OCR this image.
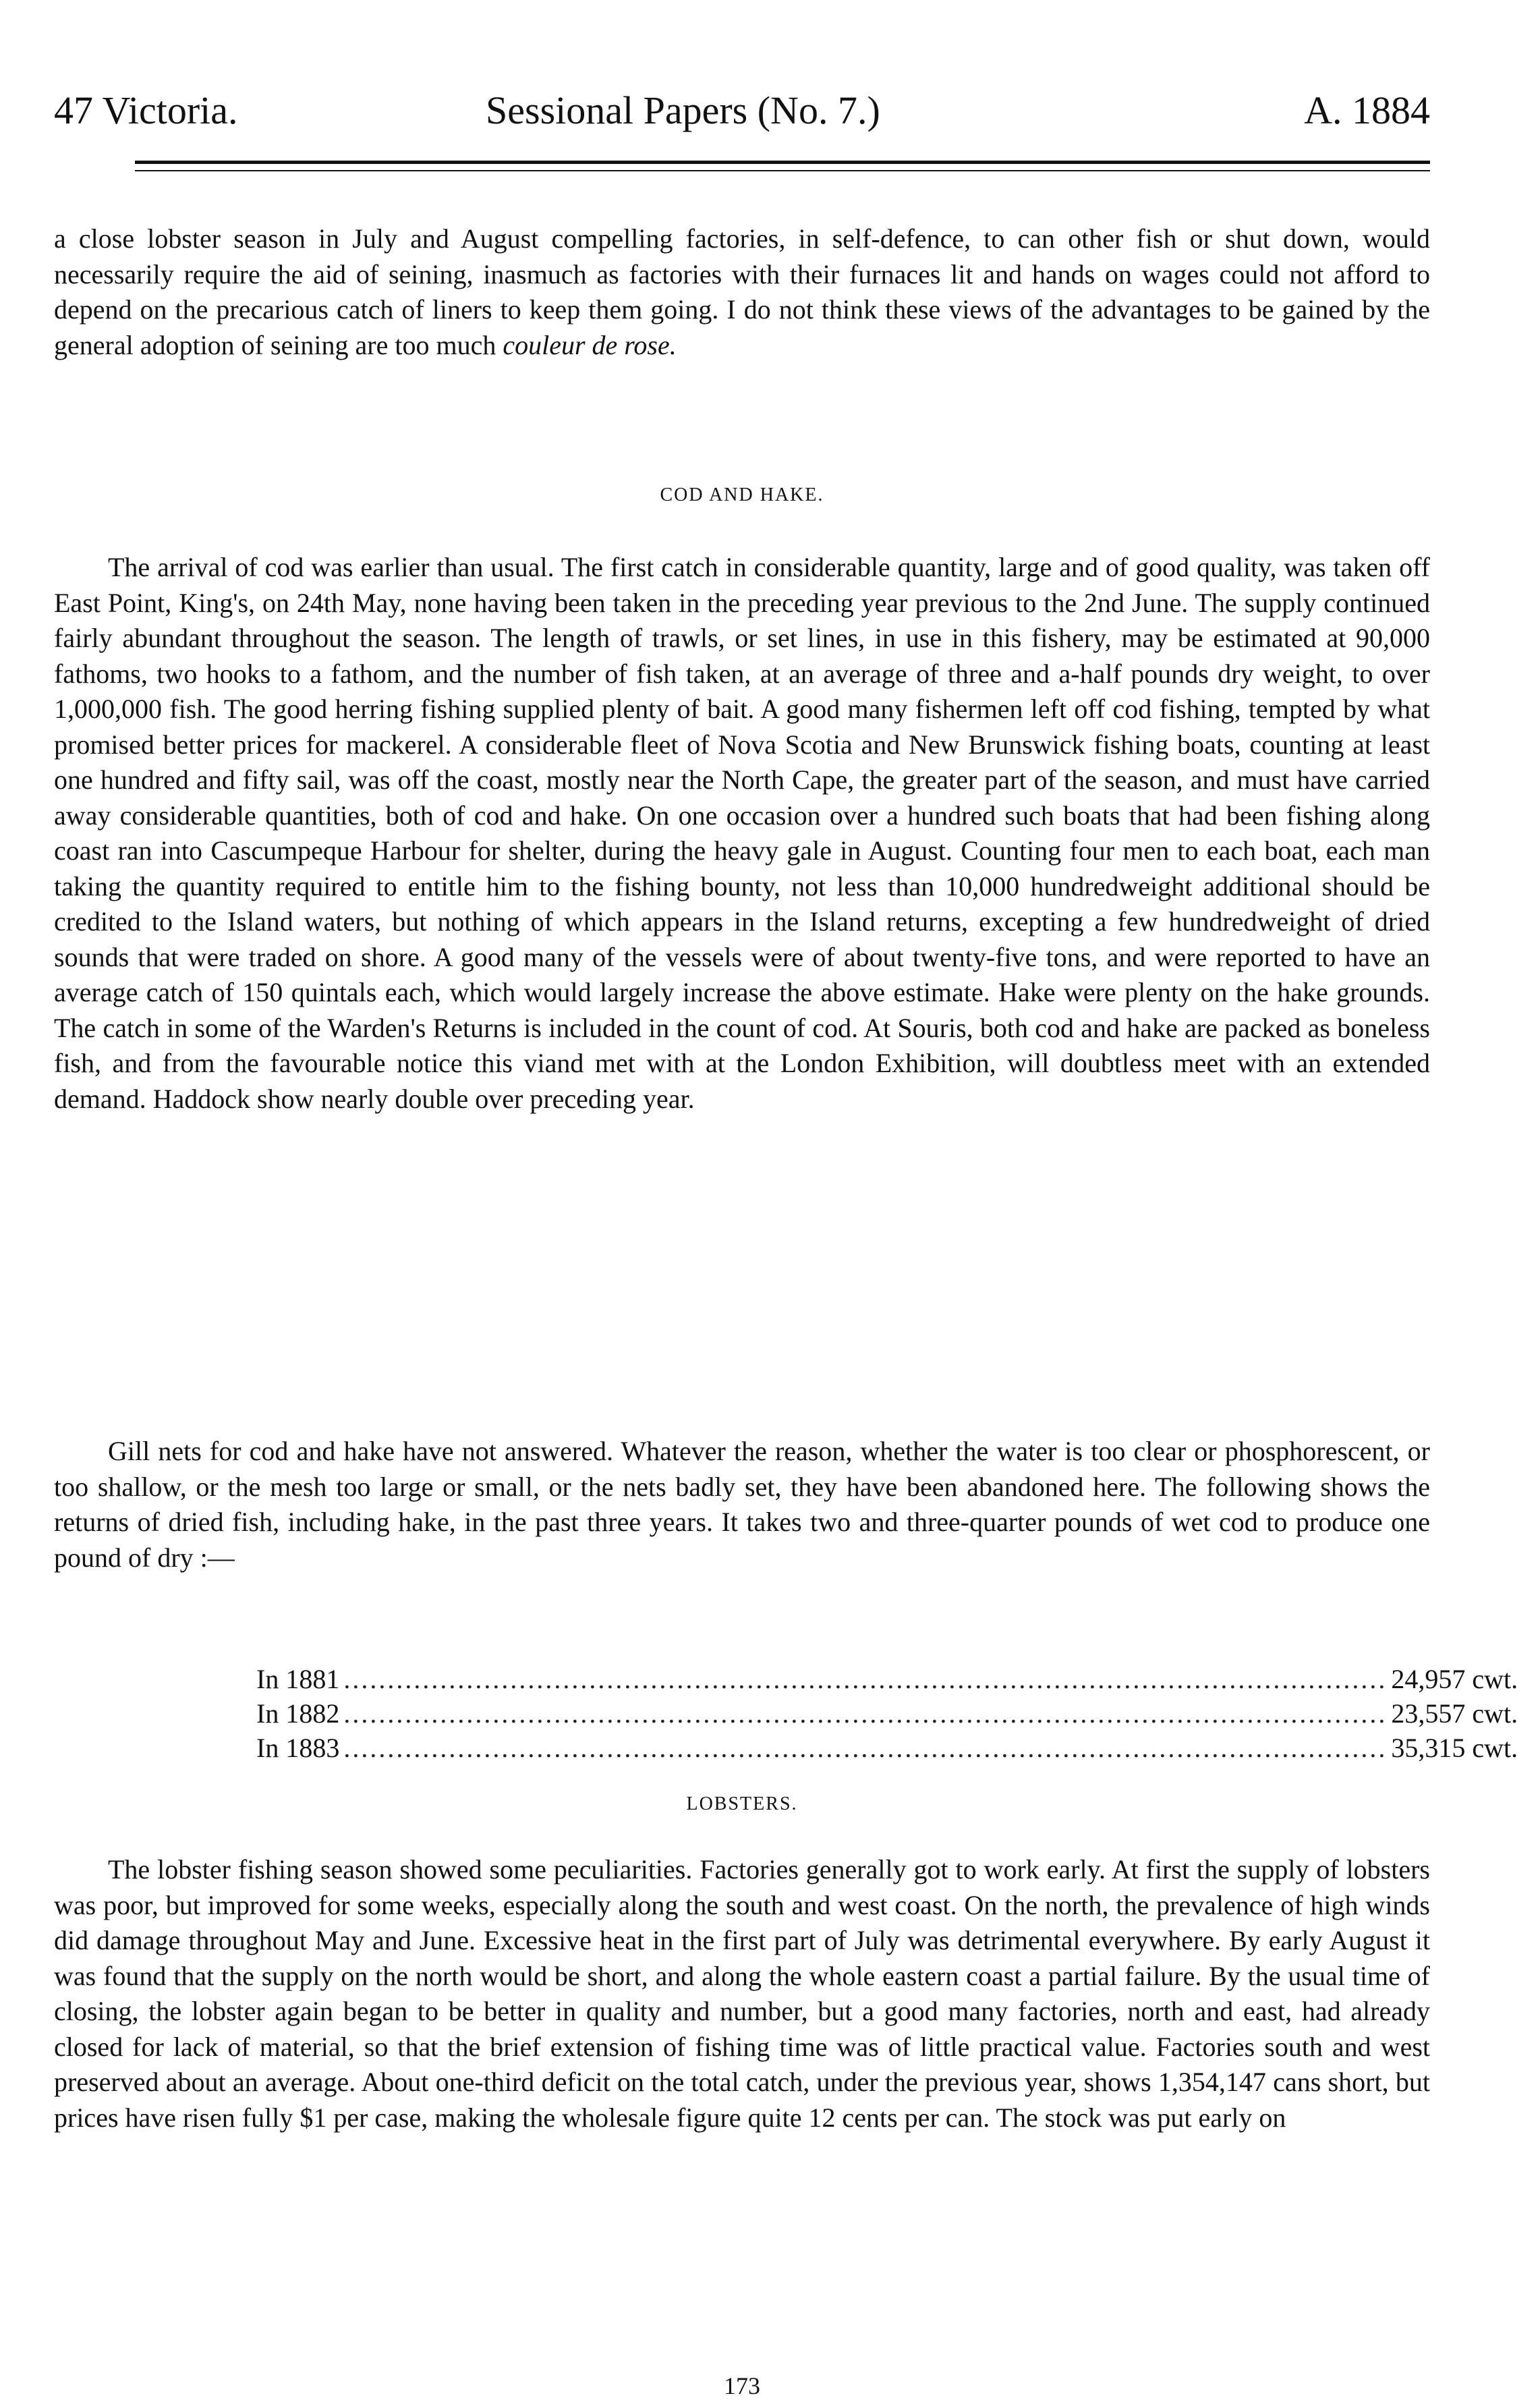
47 Victoria.	Sessional Papers (No. 7.)	A. 1884
a close lobster season in July and August compelling factories, in self-defence, to can other fish or shut down, would necessarily require the aid of seining, inasmuch as factories with their furnaces lit and hands on wages could not afford to depend on the precarious catch of liners to keep them going. I do not think these views of the advantages to be gained by the general adoption of seining are too much couleur de rose.
COD AND HAKE.
The arrival of cod was earlier than usual. The first catch in considerable quantity, large and of good quality, was taken off East Point, King's, on 24th May, none having been taken in the preceding year previous to the 2nd June. The supply continued fairly abundant throughout the season. The length of trawls, or set lines, in use in this fishery, may be estimated at 90,000 fathoms, two hooks to a fathom, and the number of fish taken, at an average of three and a-half pounds dry weight, to over 1,000,000 fish. The good herring fishing supplied plenty of bait. A good many fishermen left off cod fishing, tempted by what promised better prices for mackerel. A considerable fleet of Nova Scotia and New Brunswick fishing boats, counting at least one hundred and fifty sail, was off the coast, mostly near the North Cape, the greater part of the season, and must have carried away considerable quantities, both of cod and hake. On one occasion over a hundred such boats that had been fishing along coast ran into Cascumpeque Harbour for shelter, during the heavy gale in August. Counting four men to each boat, each man taking the quantity required to entitle him to the fishing bounty, not less than 10,000 hundredweight additional should be credited to the Island waters, but nothing of which appears in the Island returns, excepting a few hundredweight of dried sounds that were traded on shore. A good many of the vessels were of about twenty-five tons, and were reported to have an average catch of 150 quintals each, which would largely increase the above estimate. Hake were plenty on the hake grounds. The catch in some of the Warden's Returns is included in the count of cod. At Souris, both cod and hake are packed as boneless fish, and from the favourable notice this viand met with at the London Exhibition, will doubtless meet with an extended demand. Haddock show nearly double over preceding year.
Gill nets for cod and hake have not answered. Whatever the reason, whether the water is too clear or phosphorescent, or too shallow, or the mesh too large or small, or the nets badly set, they have been abandoned here. The following shows the returns of dried fish, including hake, in the past three years. It takes two and three-quarter pounds of wet cod to produce one pound of dry :—
In 1881 ....................................................................................................................... 24,957 cwt.
In 1882 ....................................................................................................................... 23,557 cwt.
In 1883 ....................................................................................................................... 35,315 cwt.
LOBSTERS.
The lobster fishing season showed some peculiarities. Factories generally got to work early. At first the supply of lobsters was poor, but improved for some weeks, especially along the south and west coast. On the north, the prevalence of high winds did damage throughout May and June. Excessive heat in the first part of July was detrimental everywhere. By early August it was found that the supply on the north would be short, and along the whole eastern coast a partial failure. By the usual time of closing, the lobster again began to be better in quality and number, but a good many factories, north and east, had already closed for lack of material, so that the brief extension of fishing time was of little practical value. Factories south and west preserved about an average. About one-third deficit on the total catch, under the previous year, shows 1,354,147 cans short, but prices have risen fully $1 per case, making the wholesale figure quite 12 cents per can. The stock was put early on
173
